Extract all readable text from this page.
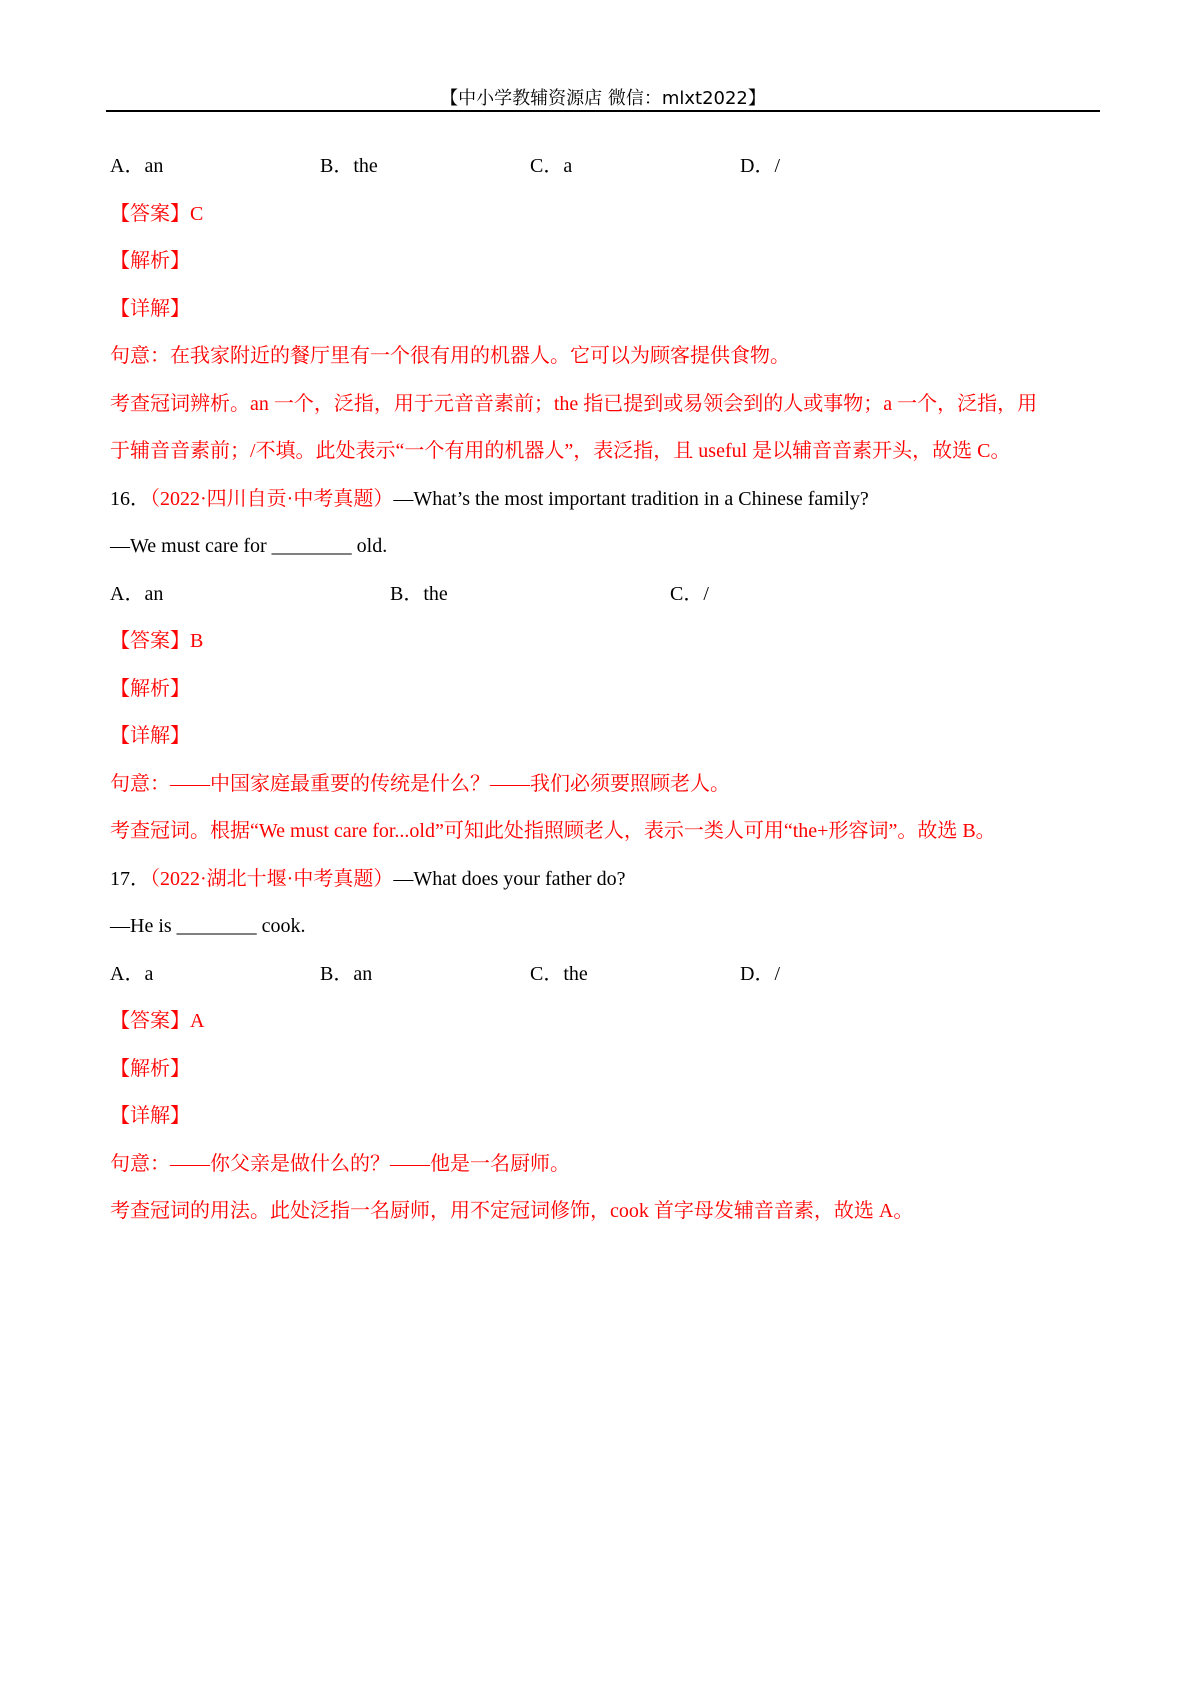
【中小学教辅资源店 微信：mlxt2022】
A．an	B．the	C．a	D．/
【答案】C
【解析】
【详解】
句意：在我家附近的餐厅里有一个很有用的机器人。它可以为顾客提供食物。
考查冠词辨析。an 一个，泛指，用于元音音素前；the 指已提到或易领会到的人或事物；a 一个，泛指，用
于辅音音素前；/不填。此处表示“一个有用的机器人”，表泛指，且 useful 是以辅音音素开头，故选 C。
16．（2022·四川自贡·中考真题）—What’s the most important tradition in a Chinese family?
—We must care for ________ old.
A．an	B．the	C．/
【答案】B
【解析】
【详解】
句意：——中国家庭最重要的传统是什么？——我们必须要照顾老人。
考查冠词。根据“We must care for...old”可知此处指照顾老人，表示一类人可用“the+形容词”。故选 B。
17．（2022·湖北十堰·中考真题）—What does your father do?
—He is ________ cook.
A．a	B．an	C．the	D．/
【答案】A
【解析】
【详解】
句意：——你父亲是做什么的？——他是一名厨师。
考查冠词的用法。此处泛指一名厨师，用不定冠词修饰，cook 首字母发辅音音素，故选 A。
